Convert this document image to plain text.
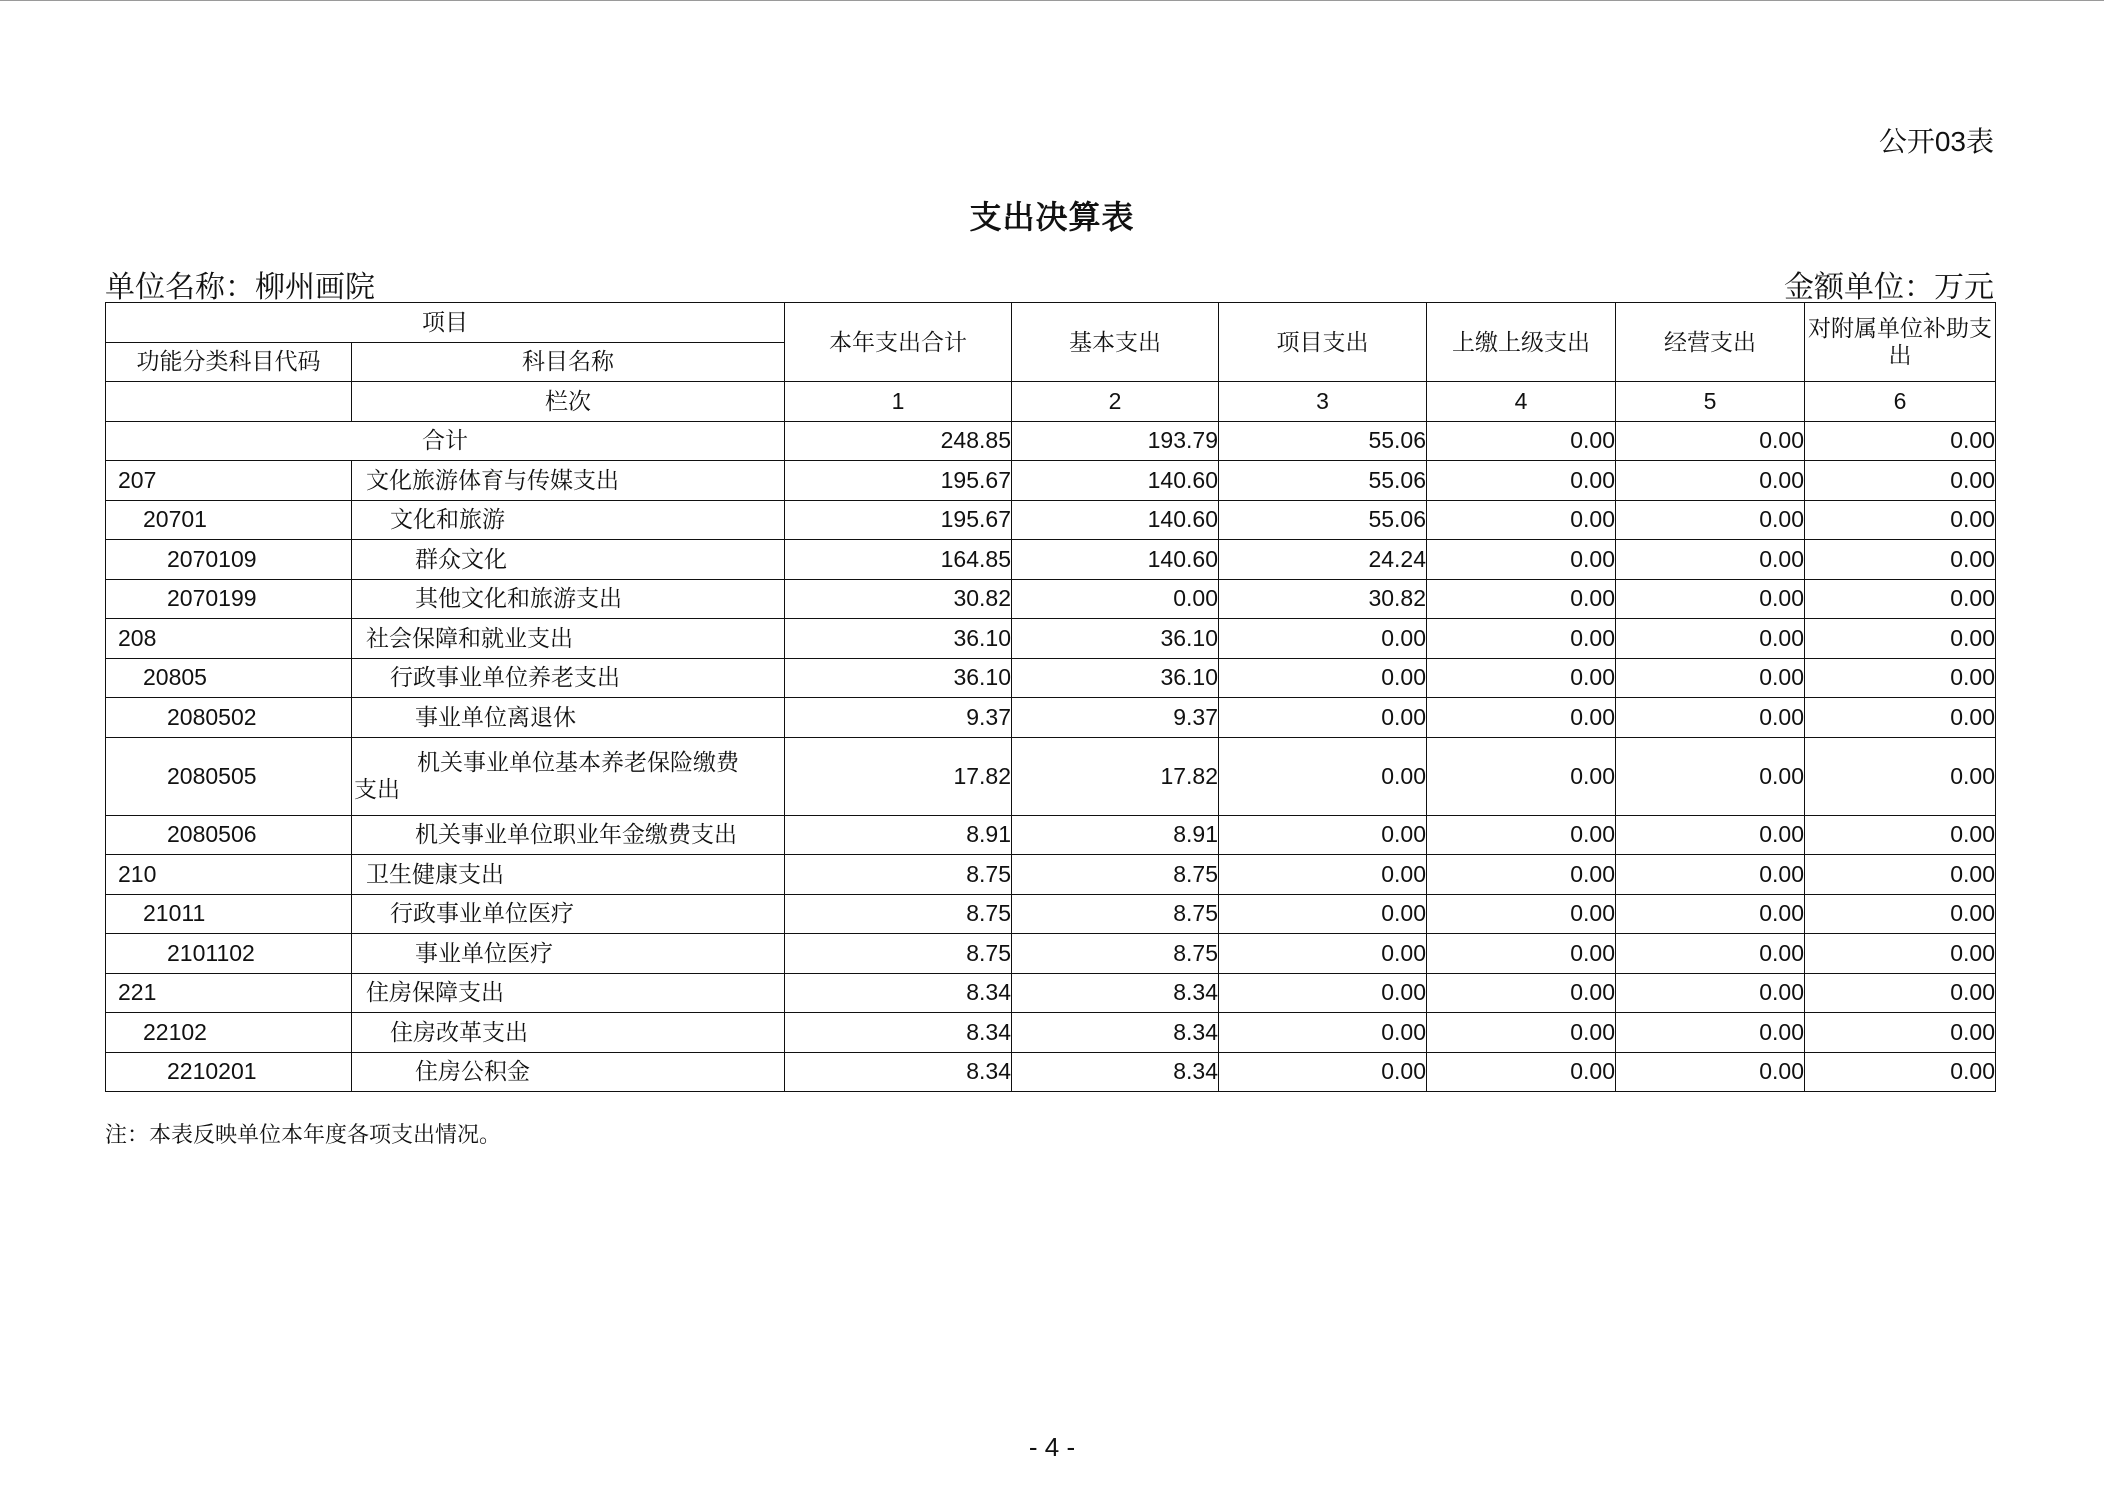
公开03表
支出决算表
单位名称：柳州画院	金额单位：万元
项目		本年支出合计	基本支出	项目支出	上缴上级支出	经营支出	对附属单位补助支出
功能分类科目代码	科目名称						
	栏次	1	2	3	4	5	6
合计		248.85	193.79	55.06	0.00	0.00	0.00
207	文化旅游体育与传媒支出	195.67	140.60	55.06	0.00	0.00	0.00
20701	文化和旅游	195.67	140.60	55.06	0.00	0.00	0.00
2070109	群众文化	164.85	140.60	24.24	0.00	0.00	0.00
2070199	其他文化和旅游支出	30.82	0.00	30.82	0.00	0.00	0.00
208	社会保障和就业支出	36.10	36.10	0.00	0.00	0.00	0.00
20805	行政事业单位养老支出	36.10	36.10	0.00	0.00	0.00	0.00
2080502	事业单位离退休	9.37	9.37	0.00	0.00	0.00	0.00
2080505	机关事业单位基本养老保险缴费
支出	17.82	17.82	0.00	0.00	0.00	0.00
2080506	机关事业单位职业年金缴费支出	8.91	8.91	0.00	0.00	0.00	0.00
210	卫生健康支出	8.75	8.75	0.00	0.00	0.00	0.00
21011	行政事业单位医疗	8.75	8.75	0.00	0.00	0.00	0.00
2101102	事业单位医疗	8.75	8.75	0.00	0.00	0.00	0.00
221	住房保障支出	8.34	8.34	0.00	0.00	0.00	0.00
22102	住房改革支出	8.34	8.34	0.00	0.00	0.00	0.00
2210201	住房公积金	8.34	8.34	0.00	0.00	0.00	0.00
注：本表反映单位本年度各项支出情况。
- 4 -
